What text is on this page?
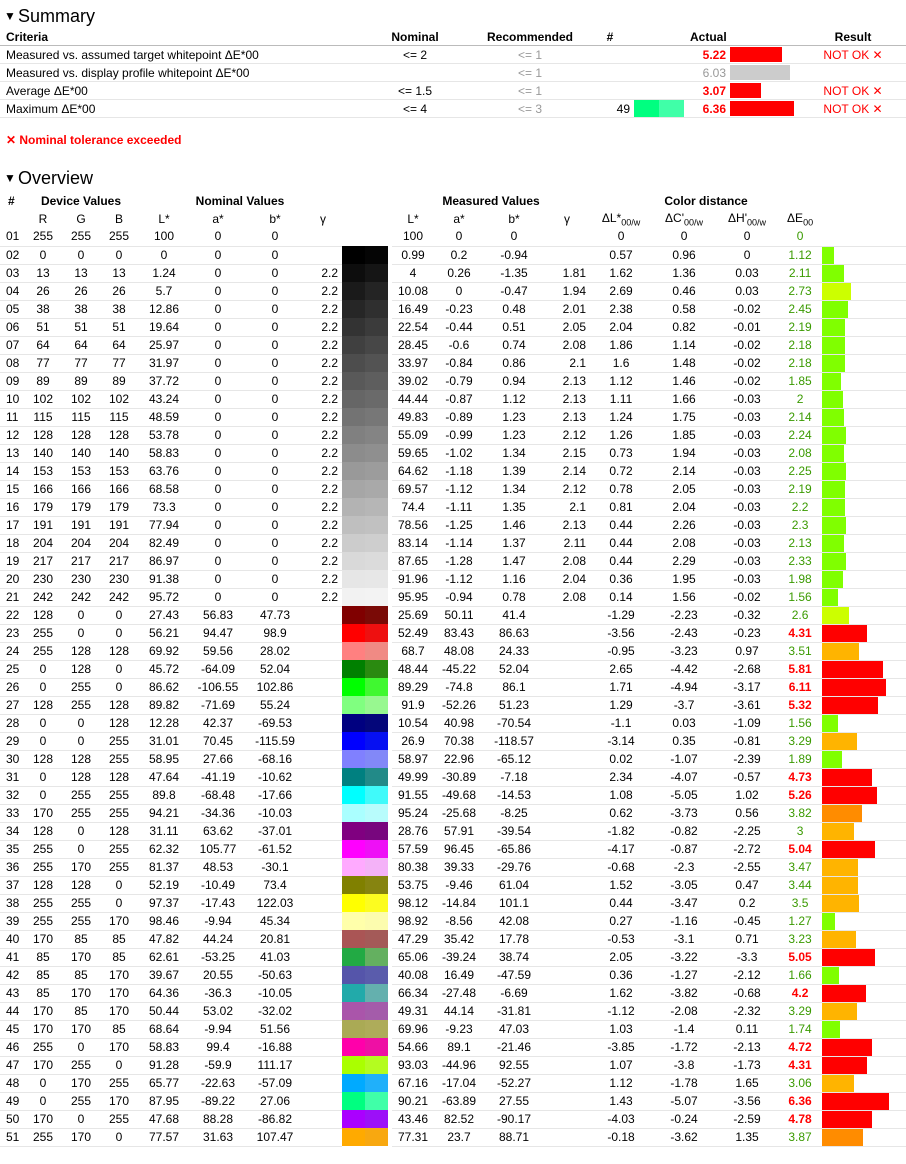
▼ Summary
Criteria	Nominal	Recommended	#		Actual		Result
Measured vs. assumed target whitepoint ΔE*00	<= 2	<= 1			5.22		NOT OK ✕
Measured vs. display profile whitepoint ΔE*00		<= 1			6.03		
Average ΔE*00	<= 1.5	<= 1			3.07		NOT OK ✕
Maximum ΔE*00	<= 4	<= 3	49		6.36		NOT OK ✕
✕ Nominal tolerance exceeded
▼ Overview
#	Device Values			Nominal Values					Measured Values				Color distance				
	R	G	B	L*	a*	b*	γ		L*	a*	b*	γ	$\Delta L*_{00/w}$	$\Delta C'_{00/w}$	$\Delta H'_{00/w}$	$\Delta E_{00}$	
01	255	255	255	100	0	0			100	0	0		0	0	0	0	

02	0	0	0	0	0	0			0.99	0.2	-0.94		0.57	0.96	0	1.12	

03	13	13	13	1.24	0	0	2.2		4	0.26	-1.35	1.81	1.62	1.36	0.03	2.11	

04	26	26	26	5.7	0	0	2.2		10.08	0	-0.47	1.94	2.69	0.46	0.03	2.73	

05	38	38	38	12.86	0	0	2.2		16.49	-0.23	0.48	2.01	2.38	0.58	-0.02	2.45	

06	51	51	51	19.64	0	0	2.2		22.54	-0.44	0.51	2.05	2.04	0.82	-0.01	2.19	

07	64	64	64	25.97	0	0	2.2		28.45	-0.6	0.74	2.08	1.86	1.14	-0.02	2.18	

08	77	77	77	31.97	0	0	2.2		33.97	-0.84	0.86	2.1	1.6	1.48	-0.02	2.18	

09	89	89	89	37.72	0	0	2.2		39.02	-0.79	0.94	2.13	1.12	1.46	-0.02	1.85	

10	102	102	102	43.24	0	0	2.2		44.44	-0.87	1.12	2.13	1.11	1.66	-0.03	2	

11	115	115	115	48.59	0	0	2.2		49.83	-0.89	1.23	2.13	1.24	1.75	-0.03	2.14	

12	128	128	128	53.78	0	0	2.2		55.09	-0.99	1.23	2.12	1.26	1.85	-0.03	2.24	

13	140	140	140	58.83	0	0	2.2		59.65	-1.02	1.34	2.15	0.73	1.94	-0.03	2.08	

14	153	153	153	63.76	0	0	2.2		64.62	-1.18	1.39	2.14	0.72	2.14	-0.03	2.25	

15	166	166	166	68.58	0	0	2.2		69.57	-1.12	1.34	2.12	0.78	2.05	-0.03	2.19	

16	179	179	179	73.3	0	0	2.2		74.4	-1.11	1.35	2.1	0.81	2.04	-0.03	2.2	

17	191	191	191	77.94	0	0	2.2		78.56	-1.25	1.46	2.13	0.44	2.26	-0.03	2.3	

18	204	204	204	82.49	0	0	2.2		83.14	-1.14	1.37	2.11	0.44	2.08	-0.03	2.13	

19	217	217	217	86.97	0	0	2.2		87.65	-1.28	1.47	2.08	0.44	2.29	-0.03	2.33	

20	230	230	230	91.38	0	0	2.2		91.96	-1.12	1.16	2.04	0.36	1.95	-0.03	1.98	

21	242	242	242	95.72	0	0	2.2		95.95	-0.94	0.78	2.08	0.14	1.56	-0.02	1.56	

22	128	0	0	27.43	56.83	47.73			25.69	50.11	41.4		-1.29	-2.23	-0.32	2.6	

23	255	0	0	56.21	94.47	98.9			52.49	83.43	86.63		-3.56	-2.43	-0.23	4.31	

24	255	128	128	69.92	59.56	28.02			68.7	48.08	24.33		-0.95	-3.23	0.97	3.51	

25	0	128	0	45.72	-64.09	52.04			48.44	-45.22	52.04		2.65	-4.42	-2.68	5.81	

26	0	255	0	86.62	-106.55	102.86			89.29	-74.8	86.1		1.71	-4.94	-3.17	6.11	

27	128	255	128	89.82	-71.69	55.24			91.9	-52.26	51.23		1.29	-3.7	-3.61	5.32	

28	0	0	128	12.28	42.37	-69.53			10.54	40.98	-70.54		-1.1	0.03	-1.09	1.56	

29	0	0	255	31.01	70.45	-115.59			26.9	70.38	-118.57		-3.14	0.35	-0.81	3.29	

30	128	128	255	58.95	27.66	-68.16			58.97	22.96	-65.12		0.02	-1.07	-2.39	1.89	

31	0	128	128	47.64	-41.19	-10.62			49.99	-30.89	-7.18		2.34	-4.07	-0.57	4.73	

32	0	255	255	89.8	-68.48	-17.66			91.55	-49.68	-14.53		1.08	-5.05	1.02	5.26	

33	170	255	255	94.21	-34.36	-10.03			95.24	-25.68	-8.25		0.62	-3.73	0.56	3.82	

34	128	0	128	31.11	63.62	-37.01			28.76	57.91	-39.54		-1.82	-0.82	-2.25	3	

35	255	0	255	62.32	105.77	-61.52			57.59	96.45	-65.86		-4.17	-0.87	-2.72	5.04	

36	255	170	255	81.37	48.53	-30.1			80.38	39.33	-29.76		-0.68	-2.3	-2.55	3.47	

37	128	128	0	52.19	-10.49	73.4			53.75	-9.46	61.04		1.52	-3.05	0.47	3.44	

38	255	255	0	97.37	-17.43	122.03			98.12	-14.84	101.1		0.44	-3.47	0.2	3.5	

39	255	255	170	98.46	-9.94	45.34			98.92	-8.56	42.08		0.27	-1.16	-0.45	1.27	

40	170	85	85	47.82	44.24	20.81			47.29	35.42	17.78		-0.53	-3.1	0.71	3.23	

41	85	170	85	62.61	-53.25	41.03			65.06	-39.24	38.74		2.05	-3.22	-3.3	5.05	

42	85	85	170	39.67	20.55	-50.63			40.08	16.49	-47.59		0.36	-1.27	-2.12	1.66	

43	85	170	170	64.36	-36.3	-10.05			66.34	-27.48	-6.69		1.62	-3.82	-0.68	4.2	

44	170	85	170	50.44	53.02	-32.02			49.31	44.14	-31.81		-1.12	-2.08	-2.32	3.29	

45	170	170	85	68.64	-9.94	51.56			69.96	-9.23	47.03		1.03	-1.4	0.11	1.74	

46	255	0	170	58.83	99.4	-16.88			54.66	89.1	-21.46		-3.85	-1.72	-2.13	4.72	

47	170	255	0	91.28	-59.9	111.17			93.03	-44.96	92.55		1.07	-3.8	-1.73	4.31	

48	0	170	255	65.77	-22.63	-57.09			67.16	-17.04	-52.27		1.12	-1.78	1.65	3.06	

49	0	255	170	87.95	-89.22	27.06			90.21	-63.89	27.55		1.43	-5.07	-3.56	6.36	

50	170	0	255	47.68	88.28	-86.82			43.46	82.52	-90.17		-4.03	-0.24	-2.59	4.78	

51	255	170	0	77.57	31.63	107.47			77.31	23.7	88.71		-0.18	-3.62	1.35	3.87	
